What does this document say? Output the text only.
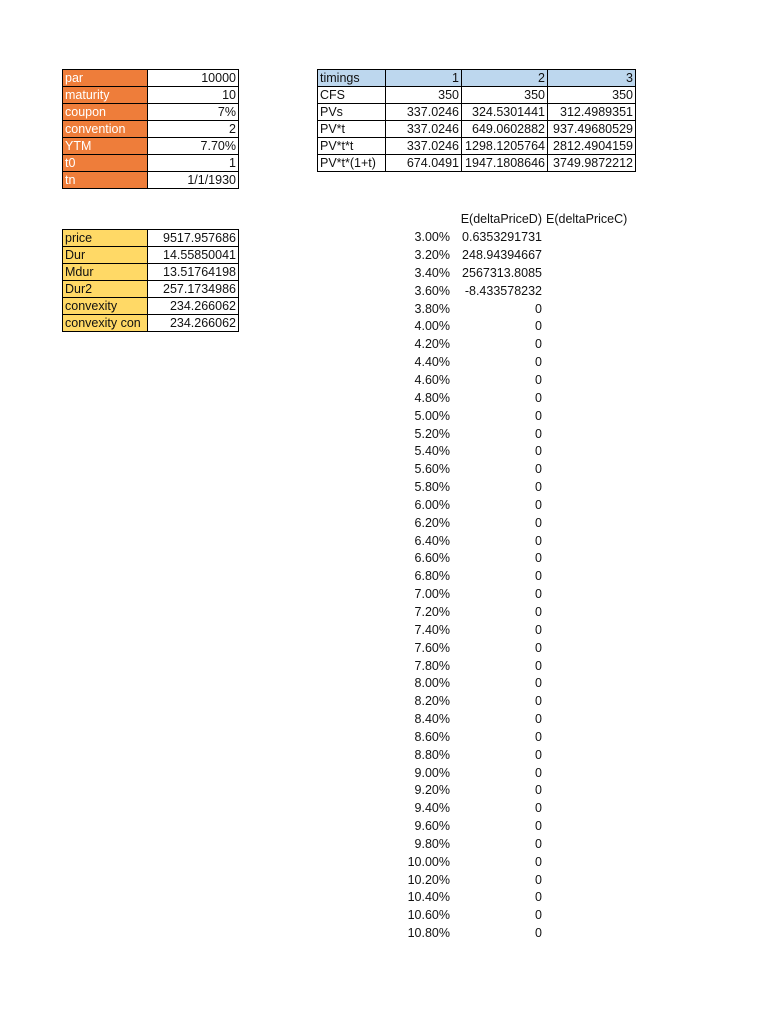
par	10000
maturity	10
coupon	7%
convention	2
YTM	7.70%
t0	1
tn	1/1/1930
price	9517.957686
Dur	14.55850041
Mdur	13.51764198
Dur2	257.1734986
convexity	234.266062
convexity con	234.266062
timings	1	2	3
CFS	350	350	350
PVs	337.0246	324.5301441	312.4989351
PV*t	337.0246	649.0602882	937.49680529
PV*t*t	337.0246	1298.1205764	2812.4904159
PV*t*(1+t)	674.0491	1947.1808646	3749.9872212
	E(deltaPriceD)	E(deltaPriceC)
3.00%	0.6353291731	
3.20%	248.94394667	
3.40%	2567313.8085	
3.60%	-8.433578232	
3.80%	0	
4.00%	0	
4.20%	0	
4.40%	0	
4.60%	0	
4.80%	0	
5.00%	0	
5.20%	0	
5.40%	0	
5.60%	0	
5.80%	0	
6.00%	0	
6.20%	0	
6.40%	0	
6.60%	0	
6.80%	0	
7.00%	0	
7.20%	0	
7.40%	0	
7.60%	0	
7.80%	0	
8.00%	0	
8.20%	0	
8.40%	0	
8.60%	0	
8.80%	0	
9.00%	0	
9.20%	0	
9.40%	0	
9.60%	0	
9.80%	0	
10.00%	0	
10.20%	0	
10.40%	0	
10.60%	0	
10.80%	0	
